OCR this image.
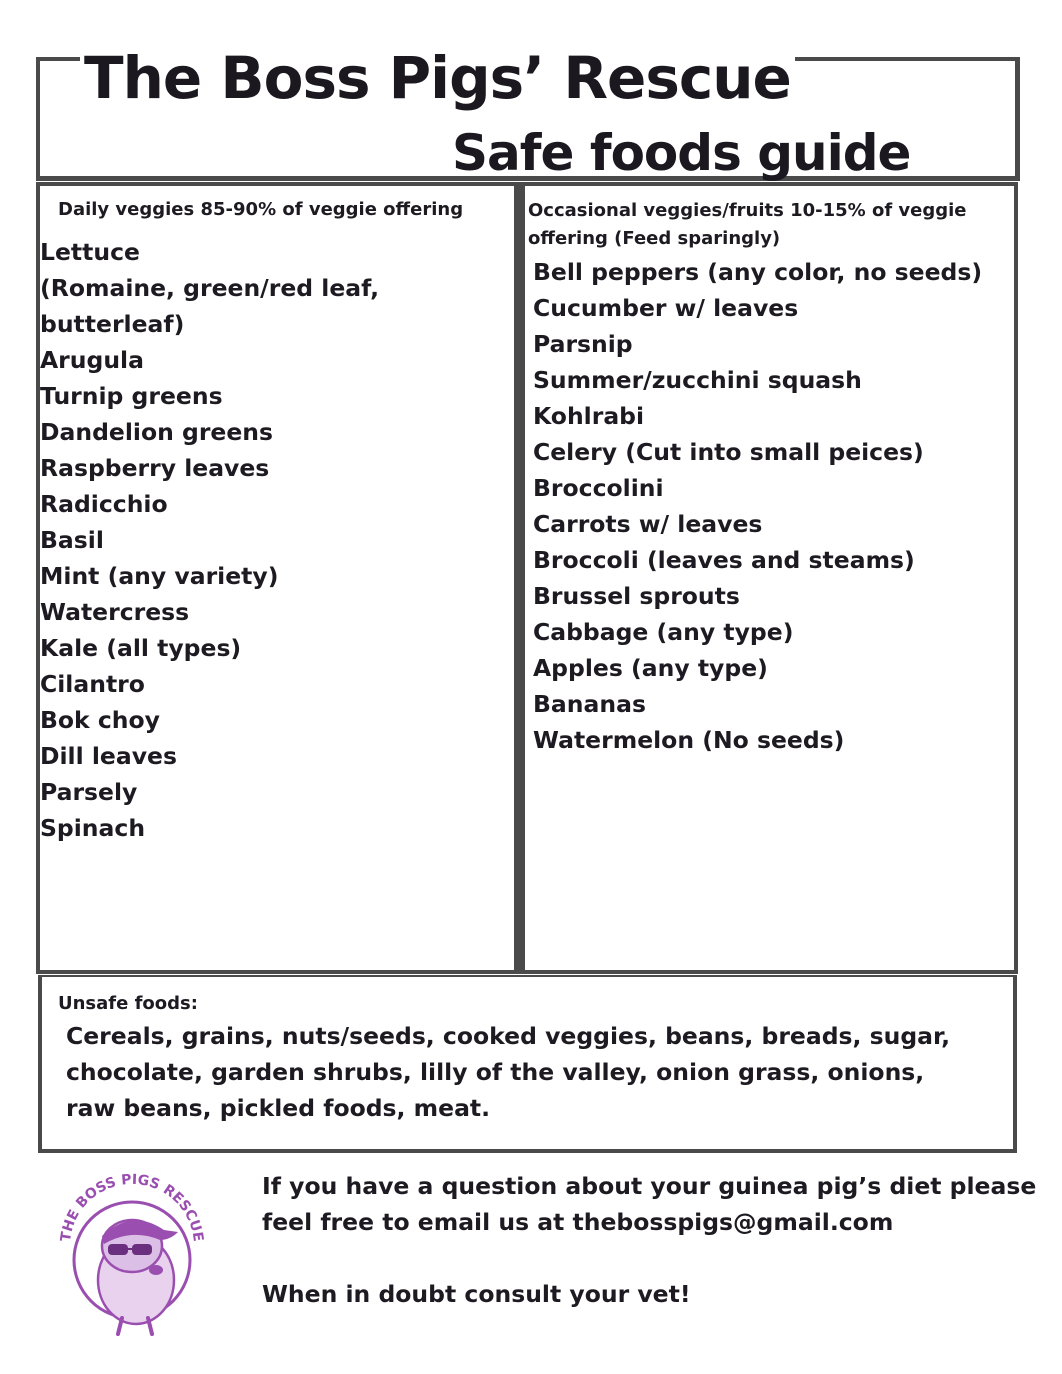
The Boss Pigs’ Rescue
Safe foods guide

Daily veggies 85-90% of veggie offering

Lettuce
(Romaine, green/red leaf,
butterleaf)
Arugula
Turnip greens
Dandelion greens
Raspberry leaves
Radicchio
Basil
Mint (any variety)
Watercress
Kale (all types)
Cilantro
Bok choy
Dill leaves
Parsely
Spinach

Occasional veggies/fruits 10-15% of veggie offering (Feed sparingly)

Bell peppers (any color, no seeds)
Cucumber w/ leaves
Parsnip
Summer/zucchini squash
Kohlrabi
Celery (Cut into small peices)
Broccolini
Carrots w/ leaves
Broccoli (leaves and steams)
Brussel sprouts
Cabbage (any type)
Apples (any type)
Bananas
Watermelon (No seeds)

Unsafe foods:

Cereals, grains, nuts/seeds, cooked veggies, beans, breads, sugar, chocolate, garden shrubs, lilly of the valley, onion grass, onions, raw beans, pickled foods, meat.

THE BOSS PIGS RESCUE

If you have a question about your guinea pig’s diet please feel free to email us at thebosspigs@gmail.com

When in doubt consult your vet!
